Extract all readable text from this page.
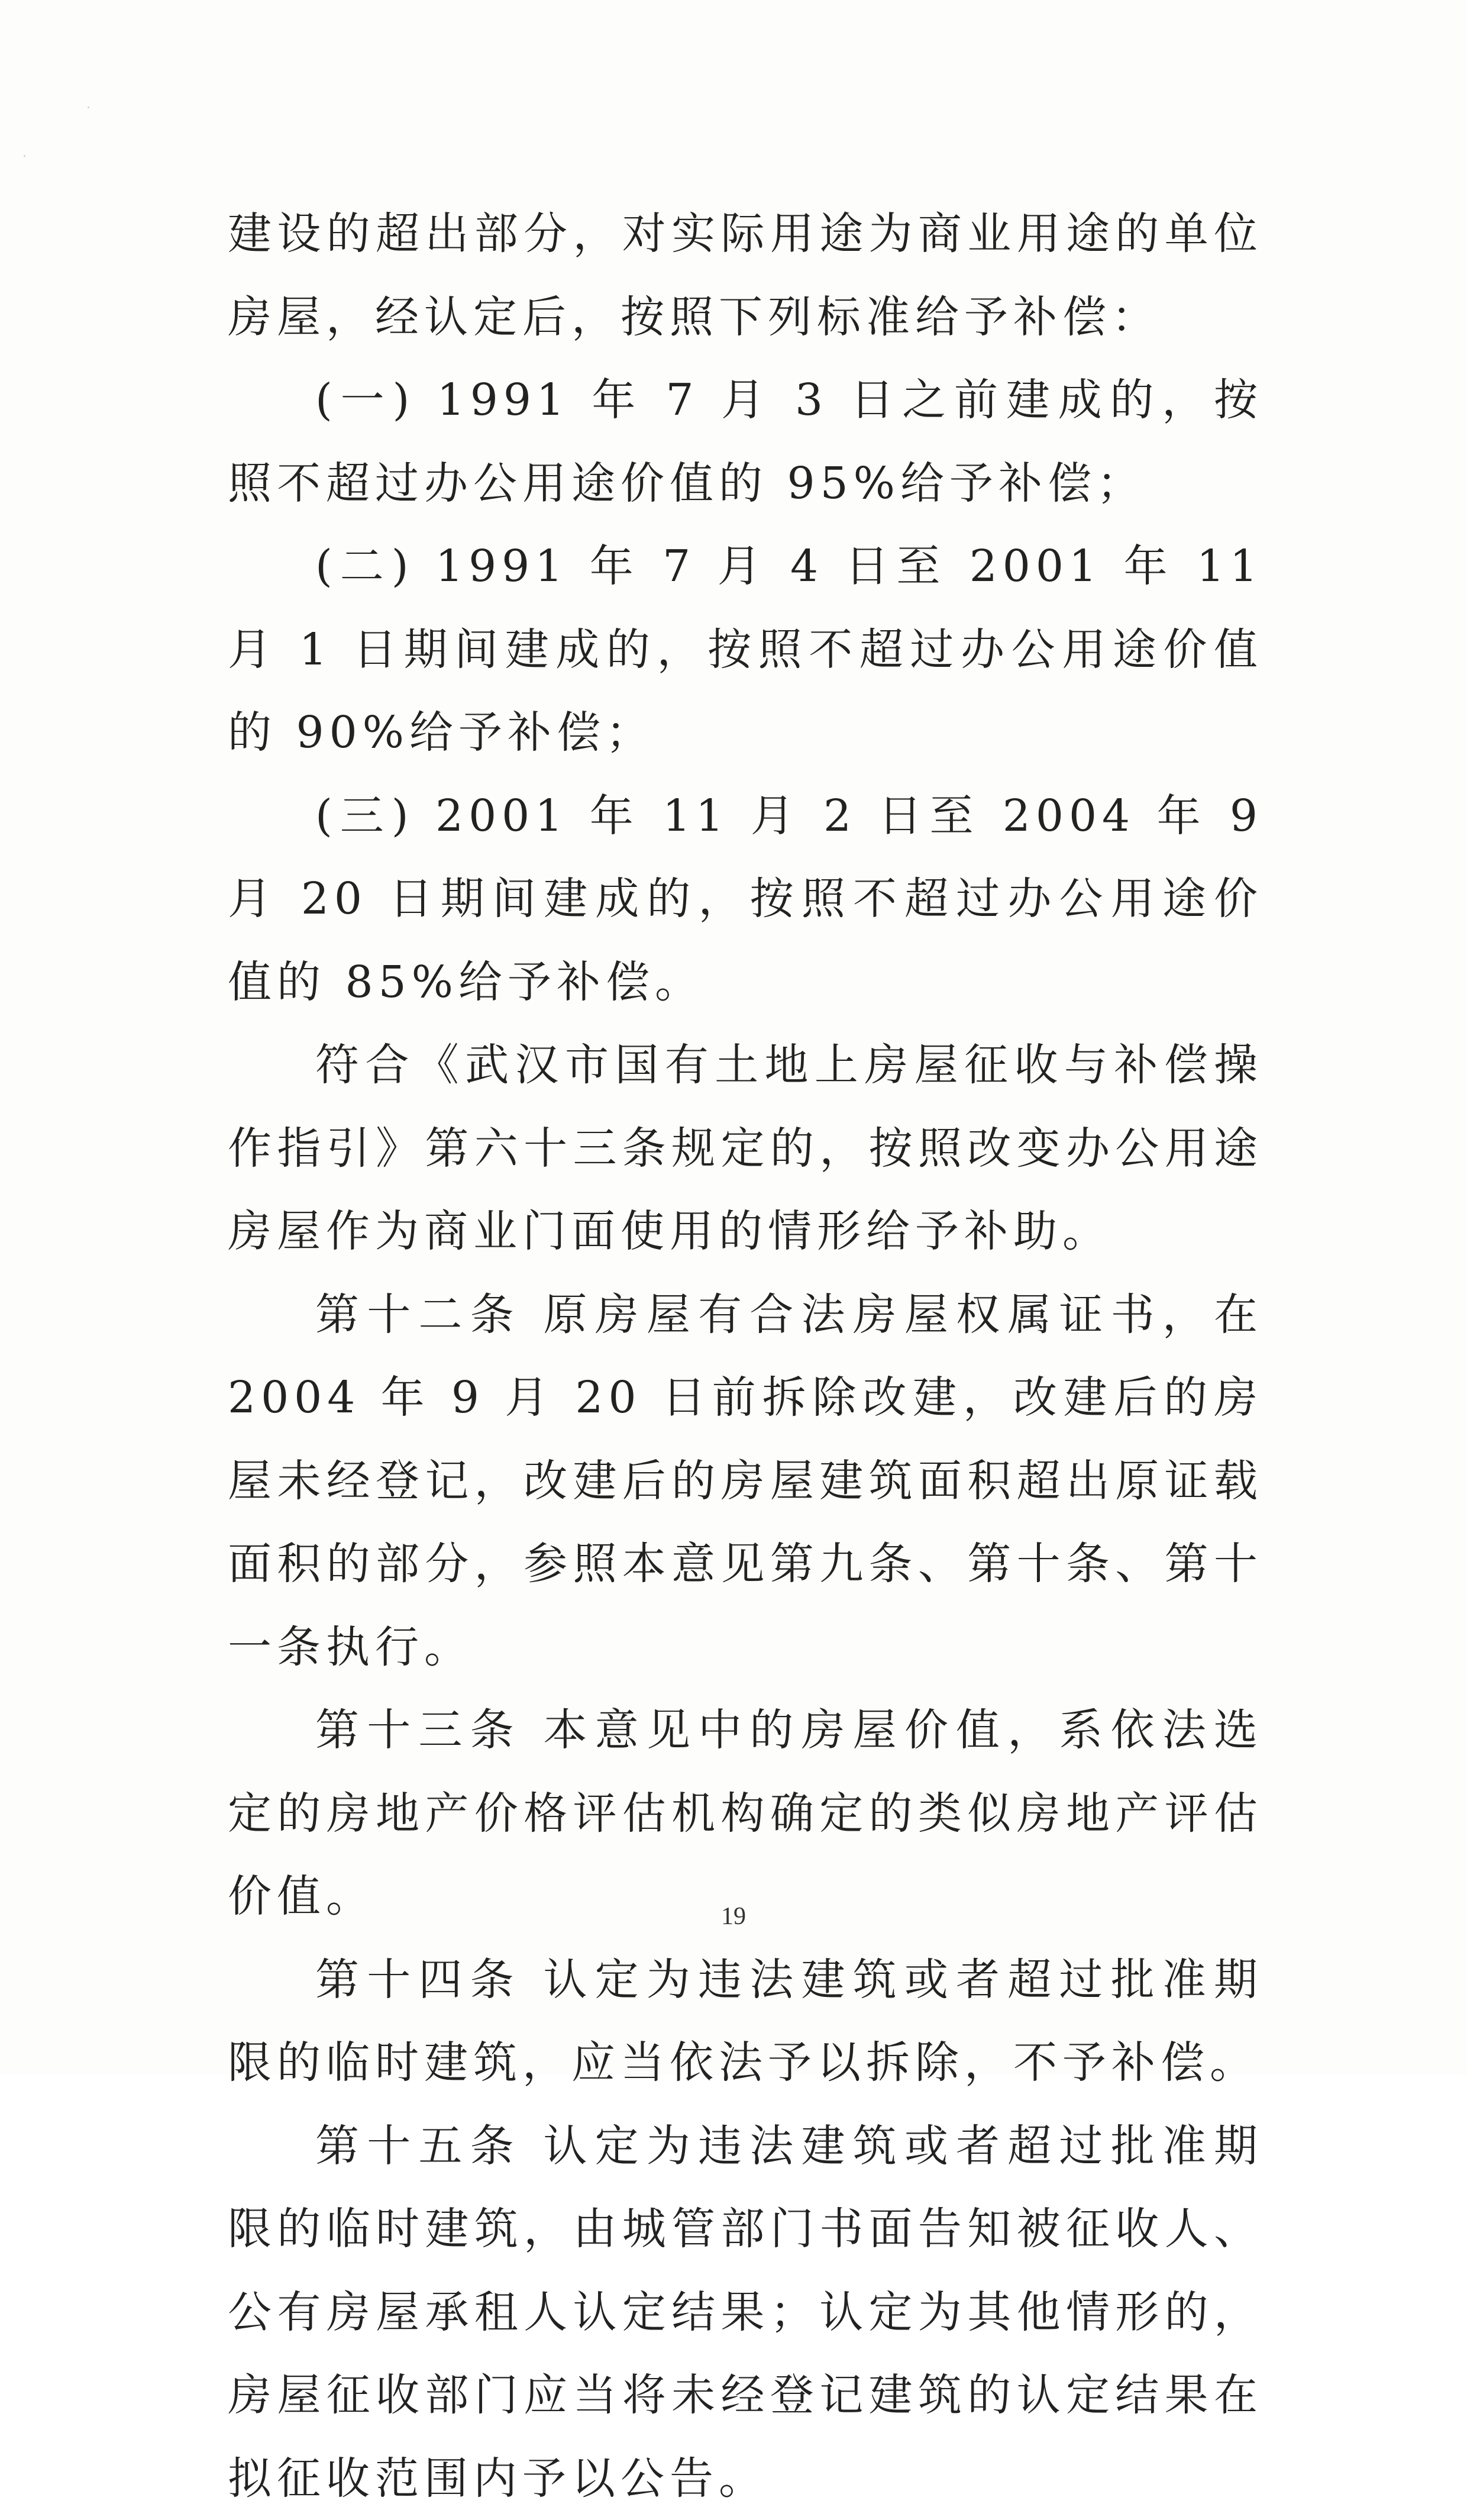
建设的超出部分，对实际用途为商业用途的单位房屋，经认定后，按照下列标准给予补偿：

(一) 1991 年 7 月 3 日之前建成的，按照不超过办公用途价值的 95%给予补偿；

(二) 1991 年 7 月 4 日至 2001 年 11 月 1 日期间建成的，按照不超过办公用途价值的 90%给予补偿；

(三) 2001 年 11 月 2 日至 2004 年 9 月 20 日期间建成的，按照不超过办公用途价值的 85%给予补偿。

符合《武汉市国有土地上房屋征收与补偿操作指引》第六十三条规定的，按照改变办公用途房屋作为商业门面使用的情形给予补助。

第十二条 原房屋有合法房屋权属证书，在 2004 年 9 月 20 日前拆除改建，改建后的房屋未经登记，改建后的房屋建筑面积超出原证载面积的部分，参照本意见第九条、第十条、第十一条执行。

第十三条 本意见中的房屋价值，系依法选定的房地产价格评估机构确定的类似房地产评估价值。

第十四条 认定为违法建筑或者超过批准期限的临时建筑，应当依法予以拆除，不予补偿。

第十五条 认定为违法建筑或者超过批准期限的临时建筑，由城管部门书面告知被征收人、公有房屋承租人认定结果；认定为其他情形的，房屋征收部门应当将未经登记建筑的认定结果在拟征收范围内予以公告。

19
